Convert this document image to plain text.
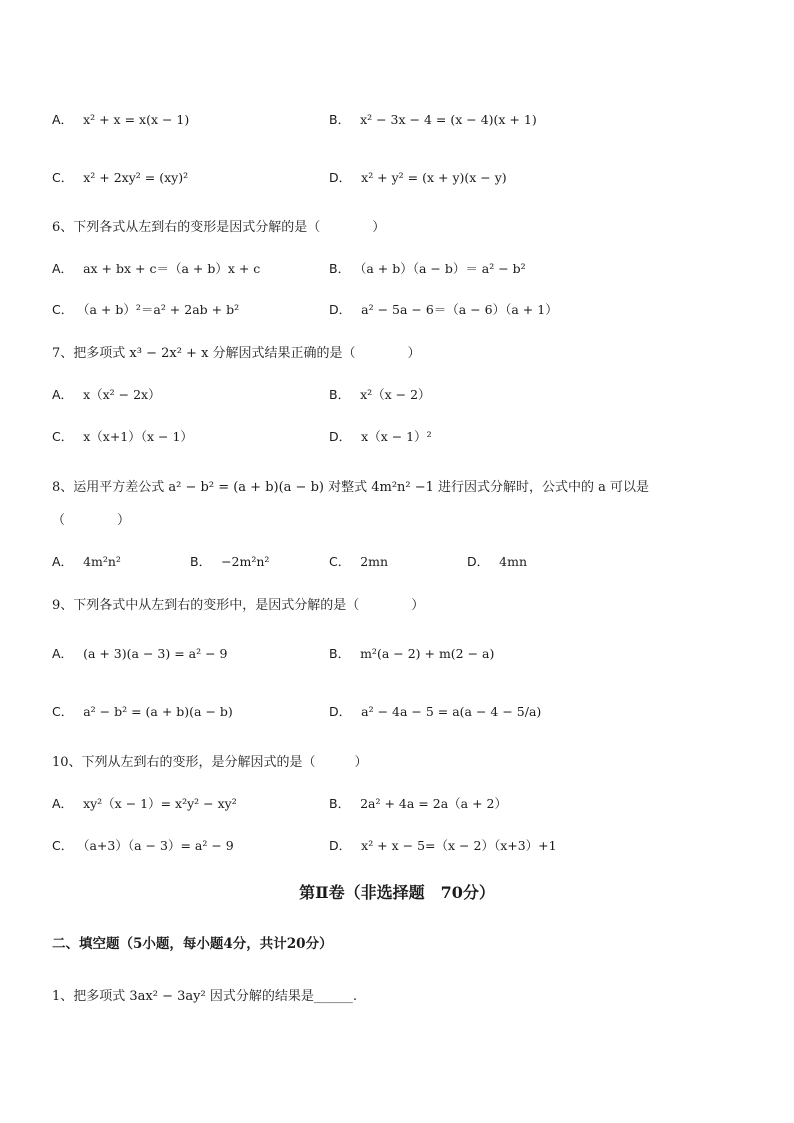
A． x² + x = x(x − 1)	B． x² − 3x − 4 = (x − 4)(x + 1)
C． x² + 2xy² = (xy)²	D． x² + y² = (x + y)(x − y)
6、下列各式从左到右的变形是因式分解的是（　　　　）
A． ax + bx + c＝（a + b）x + c	B． （a + b）（a − b）＝ a² − b²
C． （a + b）²＝a² + 2ab + b²	D． a² − 5a − 6＝（a − 6）（a + 1）
7、把多项式 x³ − 2x² + x 分解因式结果正确的是（　　　　）
A． x（x² − 2x）	B． x²（x − 2）
C． x（x+1）（x − 1）	D． x（x − 1）²
8、运用平方差公式 a² − b² = (a + b)(a − b) 对整式 4m²n² −1 进行因式分解时，公式中的 a 可以是
（　　　　）
A． 4m²n²	B． −2m²n²	C． 2mn	D． 4mn
9、下列各式中从左到右的变形中，是因式分解的是（　　　　）
A． (a + 3)(a − 3) = a² − 9	B． m²(a − 2) + m(2 − a)
C． a² − b² = (a + b)(a − b)	D． a² − 4a − 5 = a(a − 4 − 5/a)
10、下列从左到右的变形，是分解因式的是（　　　）
A． xy²（x − 1）= x²y² − xy²	B． 2a² + 4a = 2a（a + 2）
C． （a+3）（a − 3）= a² − 9	D． x² + x − 5=（x − 2）（x+3）+1
第Ⅱ卷（非选择题　70分）
二、填空题（5小题，每小题4分，共计20分）
1、把多项式 3ax² − 3ay² 因式分解的结果是______.
